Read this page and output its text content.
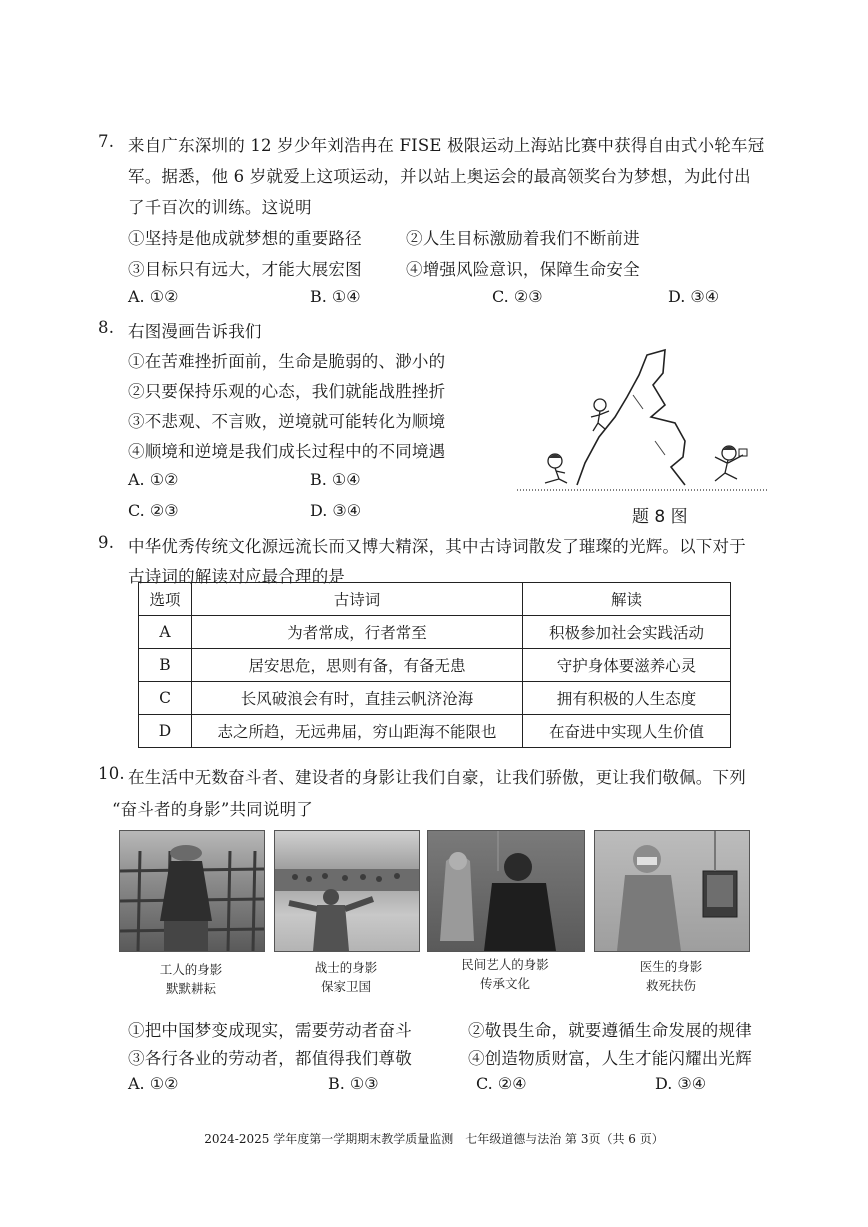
7. 来自广东深圳的 12 岁少年刘浩冉在 FISE 极限运动上海站比赛中获得自由式小轮车冠
军。据悉，他 6 岁就爱上这项运动，并以站上奥运会的最高领奖台为梦想，为此付出
了千百次的训练。这说明
①坚持是他成就梦想的重要路径	②人生目标激励着我们不断前进
③目标只有远大，才能大展宏图	④增强风险意识，保障生命安全
A. ①②	B. ①④	C. ②③	D. ③④
8. 右图漫画告诉我们
①在苦难挫折面前，生命是脆弱的、渺小的
②只要保持乐观的心态，我们就能战胜挫折
③不悲观、不言败，逆境就可能转化为顺境
④顺境和逆境是我们成长过程中的不同境遇
A. ①②	B. ①④
C. ②③	D. ③④	题 8 图
9. 中华优秀传统文化源远流长而又博大精深，其中古诗词散发了璀璨的光辉。以下对于
古诗词的解读对应最合理的是
选项	古诗词	解读
A	为者常成，行者常至	积极参加社会实践活动
B	居安思危，思则有备，有备无患	守护身体要滋养心灵
C	长风破浪会有时，直挂云帆济沧海	拥有积极的人生态度
D	志之所趋，无远弗届，穷山距海不能限也	在奋进中实现人生价值
10. 在生活中无数奋斗者、建设者的身影让我们自豪，让我们骄傲，更让我们敬佩。下列
“奋斗者的身影”共同说明了
工人的身影
默默耕耘
战士的身影
保家卫国
民间艺人的身影
传承文化
医生的身影
救死扶伤
①把中国梦变成现实，需要劳动者奋斗	②敬畏生命，就要遵循生命发展的规律
③各行各业的劳动者，都值得我们尊敬	④创造物质财富，人生才能闪耀出光辉
A. ①②	B. ①③	C. ②④	D. ③④
2024-2025 学年度第一学期期末教学质量监测　七年级道德与法治 第 3页（共 6 页）
